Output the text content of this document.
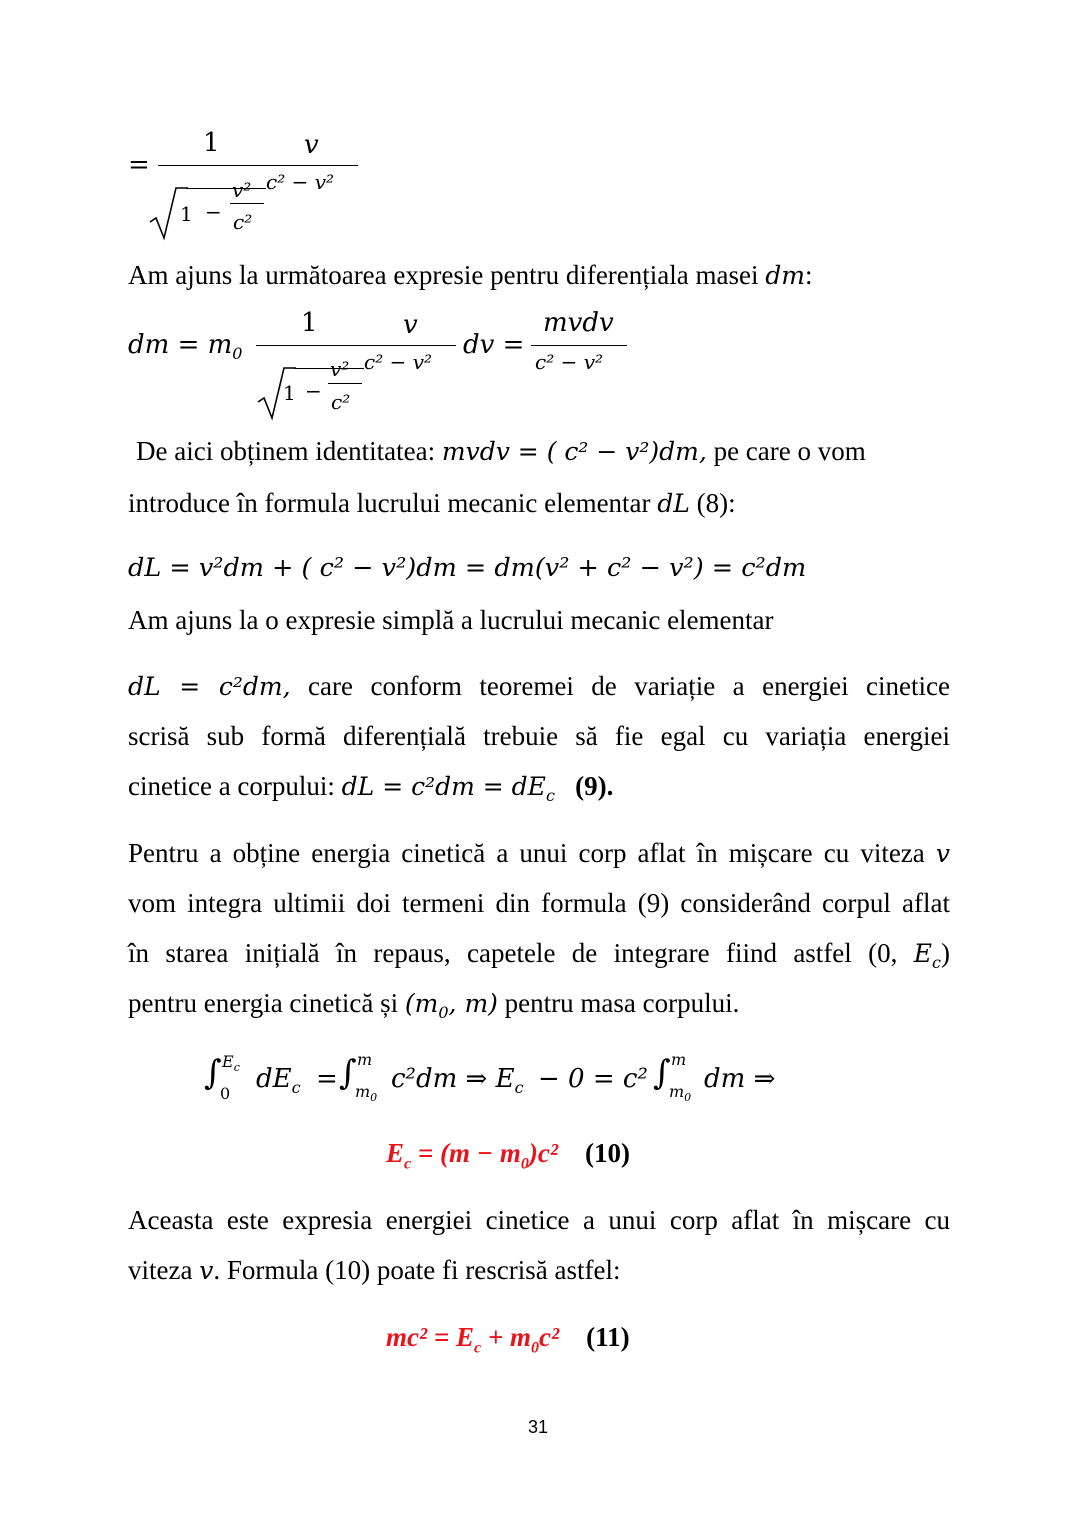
=
1	v
1 −
v²
c²
c² − v²
Am ajuns la următoarea expresie pentru diferențiala masei dm:
dm = $m_0$
1	v
1 −
v²
c²
c² − v²
dv =
mvdv
c² − v²
De aici obținem identitatea: mvdv = ( c² − v²)dm, pe care o vom
introduce în formula lucrului mecanic elementar dL (8):
dL = v²dm + ( c² − v²)dm = dm(v² + c² − v²) = c²dm
Am ajuns la o expresie simplă a lucrului mecanic elementar
dL = c²dm, care conform teoremei de variație a energiei cinetice
scrisă sub formă diferențială trebuie să fie egal cu variația energiei
cinetice a corpului: dL = $c^2dm = dE_c$ (9).
Pentru a obține energia cinetică a unui corp aflat în mișcare cu viteza v
vom integra ultimii doi termeni din formula (9) considerând corpul aflat
în starea inițială în repaus, capetele de integrare fiind astfel (0, $E_c$)
pentru energia cinetică și ($m_0$, m) pentru masa corpului.
∫ $E_c$
0 $dE_c$ = ∫ m
$m_0$
c²dm ⇒ $E_c - 0 = c^2$ ∫ m
$m_0$
dm ⇒
$E_c = (m - m_0)c^2$ (10)
Aceasta este expresia energiei cinetice a unui corp aflat în mișcare cu
viteza v. Formula (10) poate fi rescrisă astfel:
$mc^2 = E_c + m_0c^2$ (11)
31
